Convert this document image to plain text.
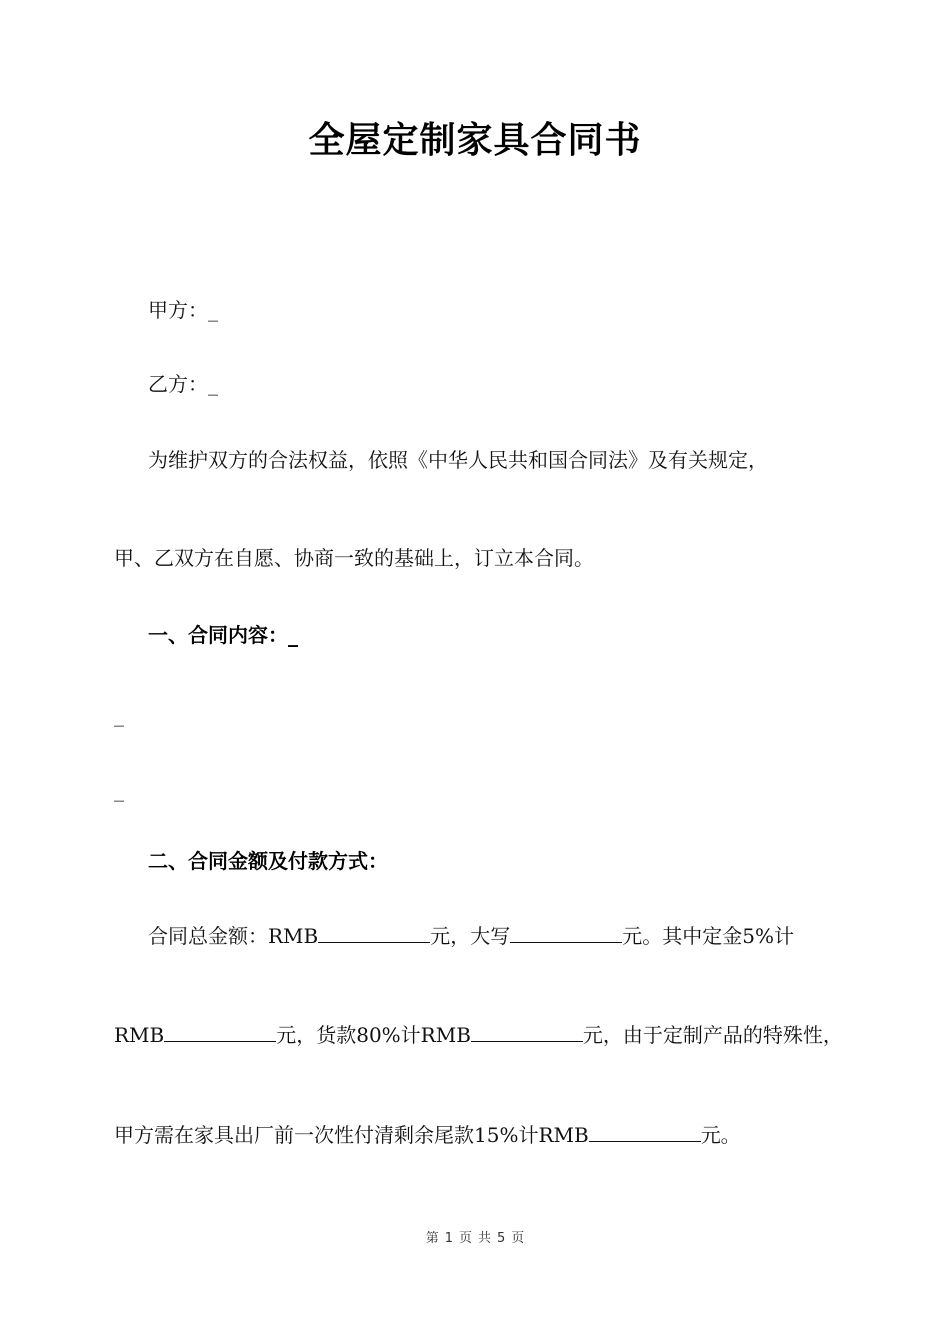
全屋定制家具合同书
甲方：_
乙方：_
为维护双方的合法权益，依照《中华人民共和国合同法》及有关规定，
甲、乙双方在自愿、协商一致的基础上，订立本合同。
一、合同内容：_
_
_
二、合同金额及付款方式：
合同总金额：RMB	元，大写	元。其中定金5%计
RMB	元，货款80%计RMB	元，由于定制产品的特殊性，
甲方需在家具出厂前一次性付清剩余尾款15%计RMB	元。
第 1 页 共 5 页
